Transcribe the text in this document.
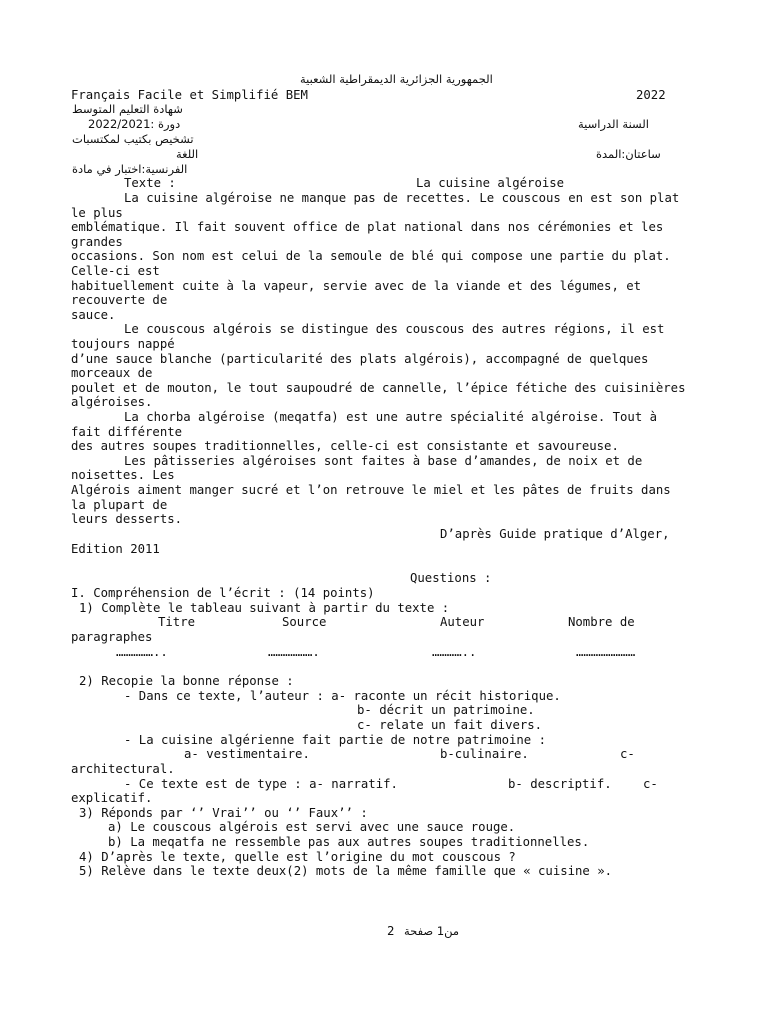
الجمهورية الجزائرية الديمقراطية الشعبية
Français Facile et Simplifié BEM	2022
شهادة التعليم المتوسط
2022/2021: دورة	السنة الدراسية
تشخيص بكتيب لمكتسبات
ساعتان:المدة
اللغة
الفرنسية:اختبار في مادة
Texte :	La cuisine algéroise
La cuisine algéroise ne manque pas de recettes. Le couscous en est son plat
le plus
emblématique. Il fait souvent office de plat national dans nos cérémonies et les
grandes
occasions. Son nom est celui de la semoule de blé qui compose une partie du plat.
Celle-ci est
habituellement cuite à la vapeur, servie avec de la viande et des légumes, et
recouverte de
sauce.
Le couscous algérois se distingue des couscous des autres régions, il est
toujours nappé
d’une sauce blanche (particularité des plats algérois), accompagné de quelques
morceaux de
poulet et de mouton, le tout saupoudré de cannelle, l’épice fétiche des cuisinières
algéroises.
La chorba algéroise (meqatfa) est une autre spécialité algéroise. Tout à
fait différente
des autres soupes traditionnelles, celle-ci est consistante et savoureuse.
Les pâtisseries algéroises sont faites à base d’amandes, de noix et de
noisettes. Les
Algérois aiment manger sucré et l’on retrouve le miel et les pâtes de fruits dans
la plupart de
leurs desserts.
D’après Guide pratique d’Alger,
Edition 2011
Questions :
I. Compréhension de l’écrit : (14 points)
1) Complète le tableau suivant à partir du texte :
Titre	Source	Auteur	Nombre de
paragraphes
……………..	……………….	…………..	……………………
2) Recopie la bonne réponse :
- Dans ce texte, l’auteur : a- raconte un récit historique.
b- décrit un patrimoine.
c- relate un fait divers.
- La cuisine algérienne fait partie de notre patrimoine :
a- vestimentaire.	b-culinaire.	c-
architectural.
- Ce texte est de type : a- narratif.	b- descriptif.	c-
explicatif.
3) Réponds par ‘’ Vrai’’ ou ‘’ Faux’’ :
a) Le couscous algérois est servi avec une sauce rouge.
b) La meqatfa ne ressemble pas aux autres soupes traditionnelles.
4) D’après le texte, quelle est l’origine du mot couscous ?
5) Relève dans le texte deux(2) mots de la même famille que « cuisine ».
2 من1 صفحة
